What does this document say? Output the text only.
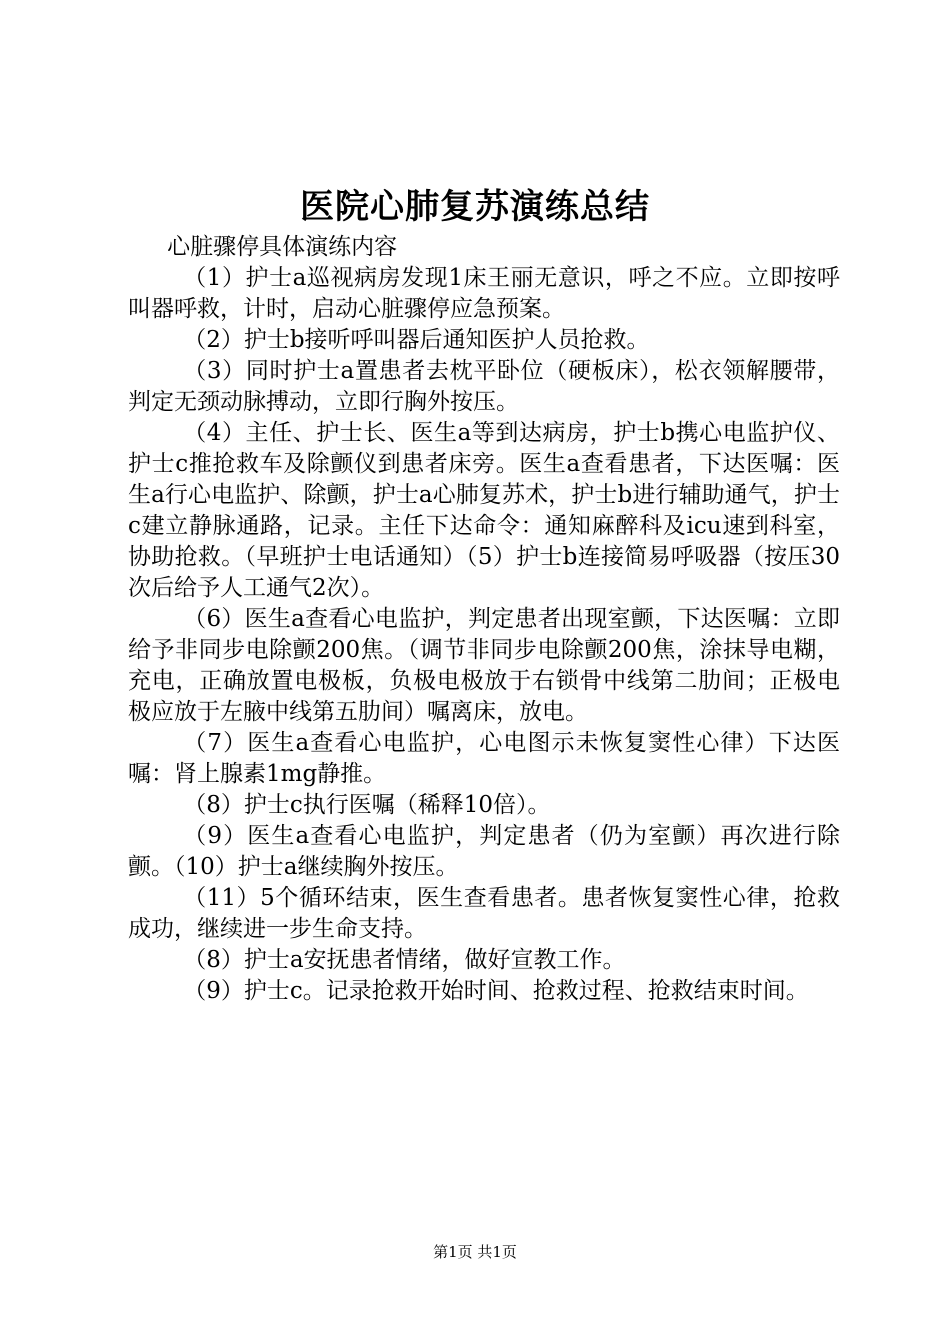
医院心肺复苏演练总结

心脏骤停具体演练内容

（1）护士a巡视病房发现1床王丽无意识，呼之不应。立即按呼叫器呼救，计时，启动心脏骤停应急预案。

（2）护士b接听呼叫器后通知医护人员抢救。

（3）同时护士a置患者去枕平卧位（硬板床），松衣领解腰带，判定无颈动脉搏动，立即行胸外按压。

（4）主任、护士长、医生a等到达病房，护士b携心电监护仪、护士c推抢救车及除颤仪到患者床旁。医生a查看患者，下达医嘱：医生a行心电监护、除颤，护士a心肺复苏术，护士b进行辅助通气，护士c建立静脉通路，记录。主任下达命令：通知麻醉科及icu速到科室，协助抢救。（早班护士电话通知）（5）护士b连接简易呼吸器（按压30次后给予人工通气2次）。

（6）医生a查看心电监护，判定患者出现室颤，下达医嘱：立即给予非同步电除颤200焦。（调节非同步电除颤200焦，涂抹导电糊，充电，正确放置电极板，负极电极放于右锁骨中线第二肋间；正极电极应放于左腋中线第五肋间）嘱离床，放电。

（7）医生a查看心电监护，心电图示未恢复窦性心律）下达医嘱：肾上腺素1mg静推。

（8）护士c执行医嘱（稀释10倍）。

（9）医生a查看心电监护，判定患者（仍为室颤）再次进行除颤。（10）护士a继续胸外按压。

（11）5个循环结束，医生查看患者。患者恢复窦性心律，抢救成功，继续进一步生命支持。

（8）护士a安抚患者情绪，做好宣教工作。

（9）护士c。记录抢救开始时间、抢救过程、抢救结束时间。

第1页 共1页
